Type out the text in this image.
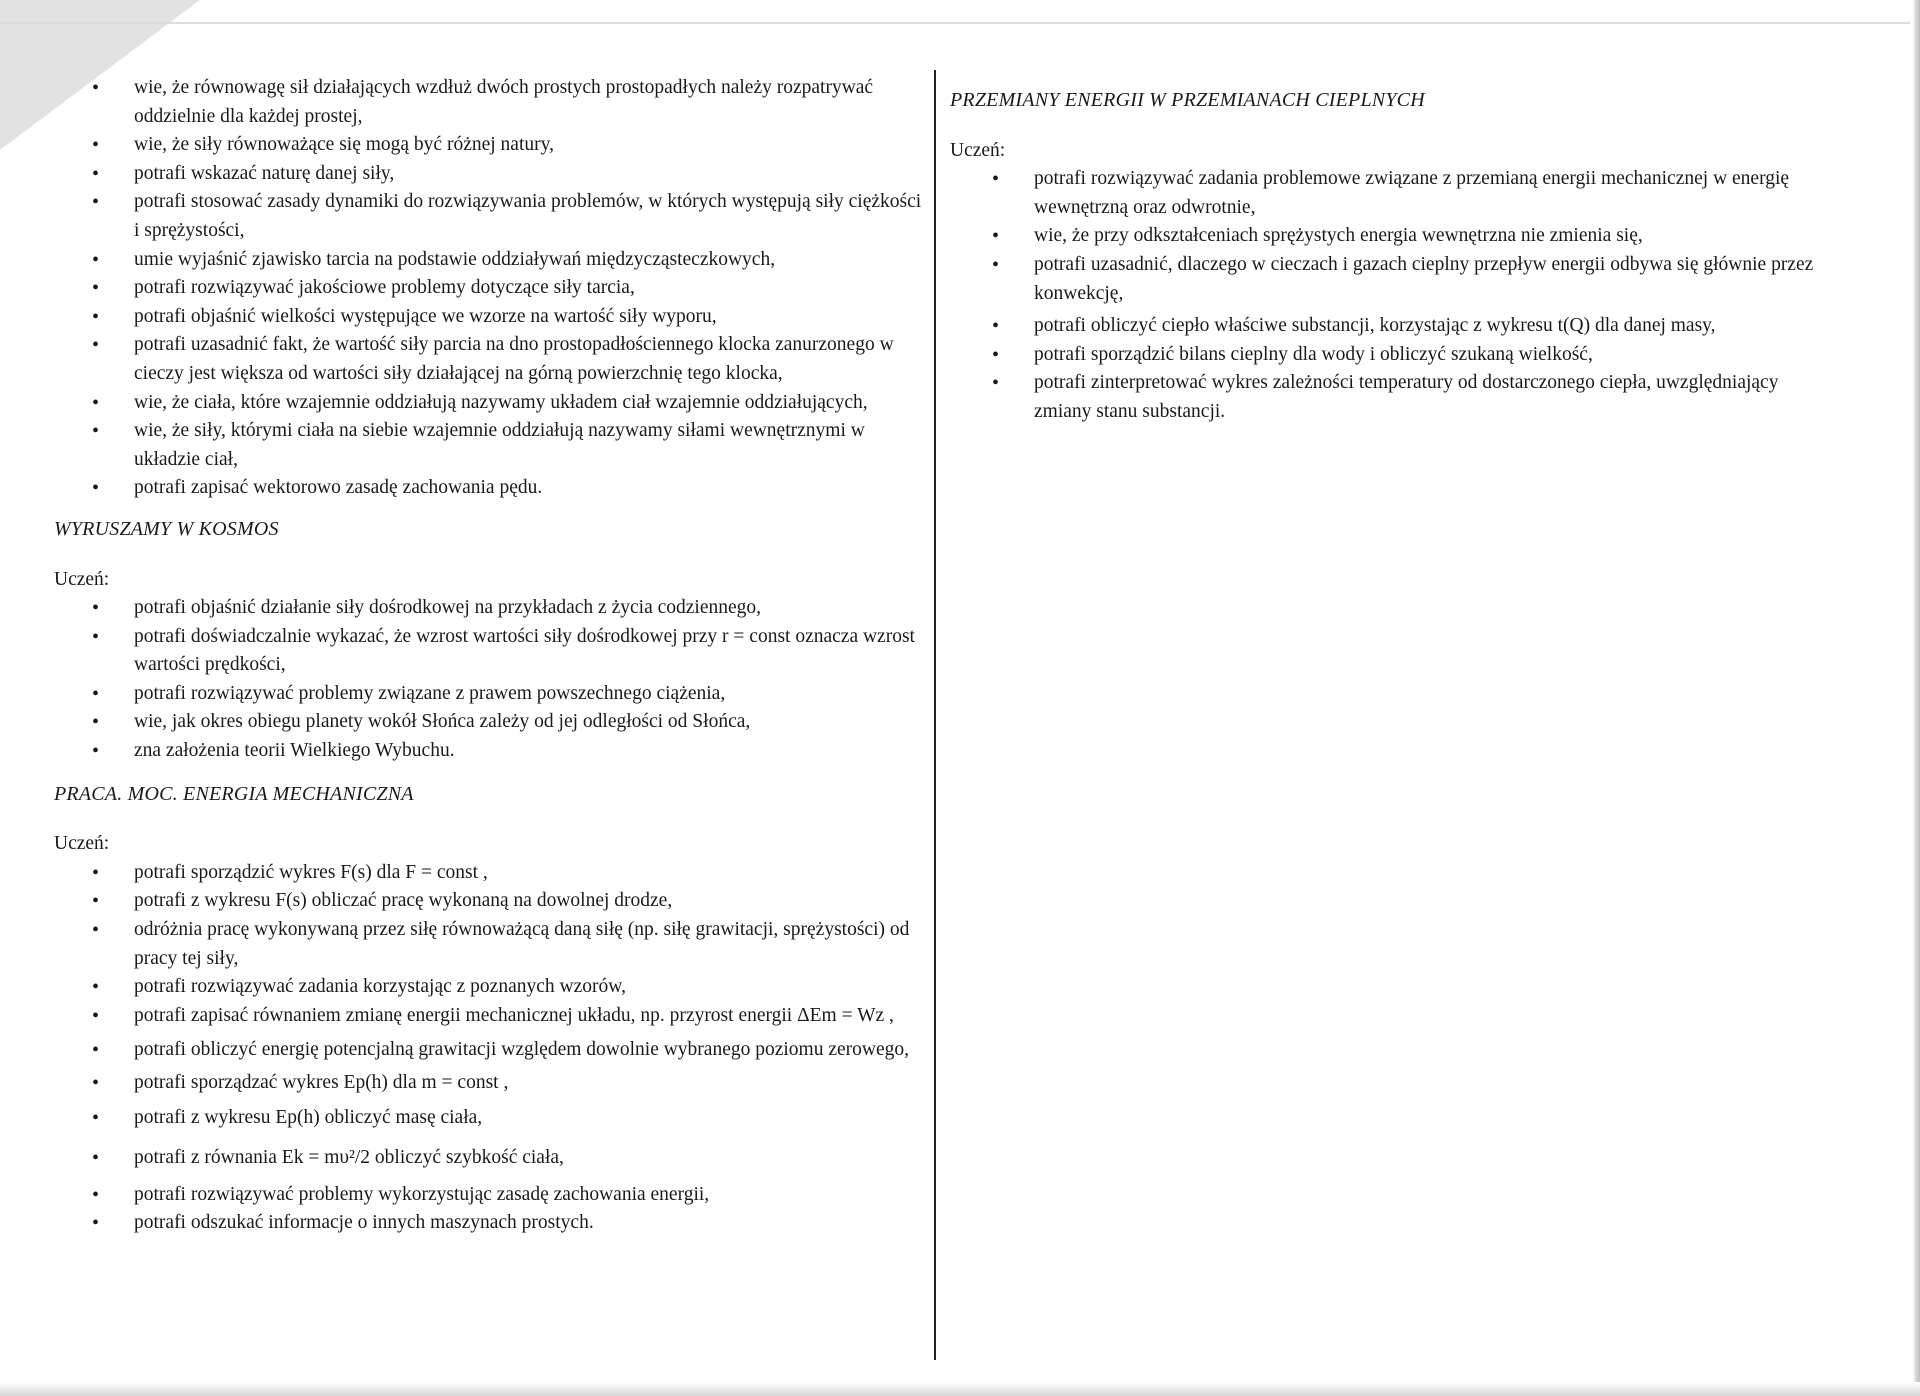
• wie, że równowagę sił działających wzdłuż dwóch prostych prostopadłych należy rozpatrywać oddzielnie dla każdej prostej,
• wie, że siły równoważące się mogą być różnej natury,
• potrafi wskazać naturę danej siły,
• potrafi stosować zasady dynamiki do rozwiązywania problemów, w których występują siły ciężkości i sprężystości,
• umie wyjaśnić zjawisko tarcia na podstawie oddziaływań międzycząsteczkowych,
• potrafi rozwiązywać jakościowe problemy dotyczące siły tarcia,
• potrafi objaśnić wielkości występujące we wzorze na wartość siły wyporu,
• potrafi uzasadnić fakt, że wartość siły parcia na dno prostopadłościennego klocka zanurzonego w cieczy jest większa od wartości siły działającej na górną powierzchnię tego klocka,
• wie, że ciała, które wzajemnie oddziałują nazywamy układem ciał wzajemnie oddziałujących,
• wie, że siły, którymi ciała na siebie wzajemnie oddziałują nazywamy siłami wewnętrznymi w układzie ciał,
• potrafi zapisać wektorowo zasadę zachowania pędu.

WYRUSZAMY W KOSMOS

Uczeń:

• potrafi objaśnić działanie siły dośrodkowej na przykładach z życia codziennego,
• potrafi doświadczalnie wykazać, że wzrost wartości siły dośrodkowej przy r = const oznacza wzrost wartości prędkości,
• potrafi rozwiązywać problemy związane z prawem powszechnego ciążenia,
• wie, jak okres obiegu planety wokół Słońca zależy od jej odległości od Słońca,
• zna założenia teorii Wielkiego Wybuchu.

PRACA. MOC. ENERGIA MECHANICZNA

Uczeń:

• potrafi sporządzić wykres F(s) dla F = const ,
• potrafi z wykresu F(s) obliczać pracę wykonaną na dowolnej drodze,
• odróżnia pracę wykonywaną przez siłę równoważącą daną siłę (np. siłę grawitacji, sprężystości) od pracy tej siły,
• potrafi rozwiązywać zadania korzystając z poznanych wzorów,
• potrafi zapisać równaniem zmianę energii mechanicznej układu, np. przyrost energii ΔEm = Wz ,
• potrafi obliczyć energię potencjalną grawitacji względem dowolnie wybranego poziomu zerowego,
• potrafi sporządzać wykres Ep(h) dla m = const ,
• potrafi z wykresu Ep(h) obliczyć masę ciała,
• potrafi z równania Ek = mυ²/2 obliczyć szybkość ciała,
• potrafi rozwiązywać problemy wykorzystując zasadę zachowania energii,
• potrafi odszukać informacje o innych maszynach prostych.

PRZEMIANY ENERGII W PRZEMIANACH CIEPLNYCH

Uczeń:

• potrafi rozwiązywać zadania problemowe związane z przemianą energii mechanicznej w energię wewnętrzną oraz odwrotnie,
• wie, że przy odkształceniach sprężystych energia wewnętrzna nie zmienia się,
• potrafi uzasadnić, dlaczego w cieczach i gazach cieplny przepływ energii odbywa się głównie przez konwekcję,
• potrafi obliczyć ciepło właściwe substancji, korzystając z wykresu t(Q) dla danej masy,
• potrafi sporządzić bilans cieplny dla wody i obliczyć szukaną wielkość,
• potrafi zinterpretować wykres zależności temperatury od dostarczonego ciepła, uwzględniający zmiany stanu substancji.
